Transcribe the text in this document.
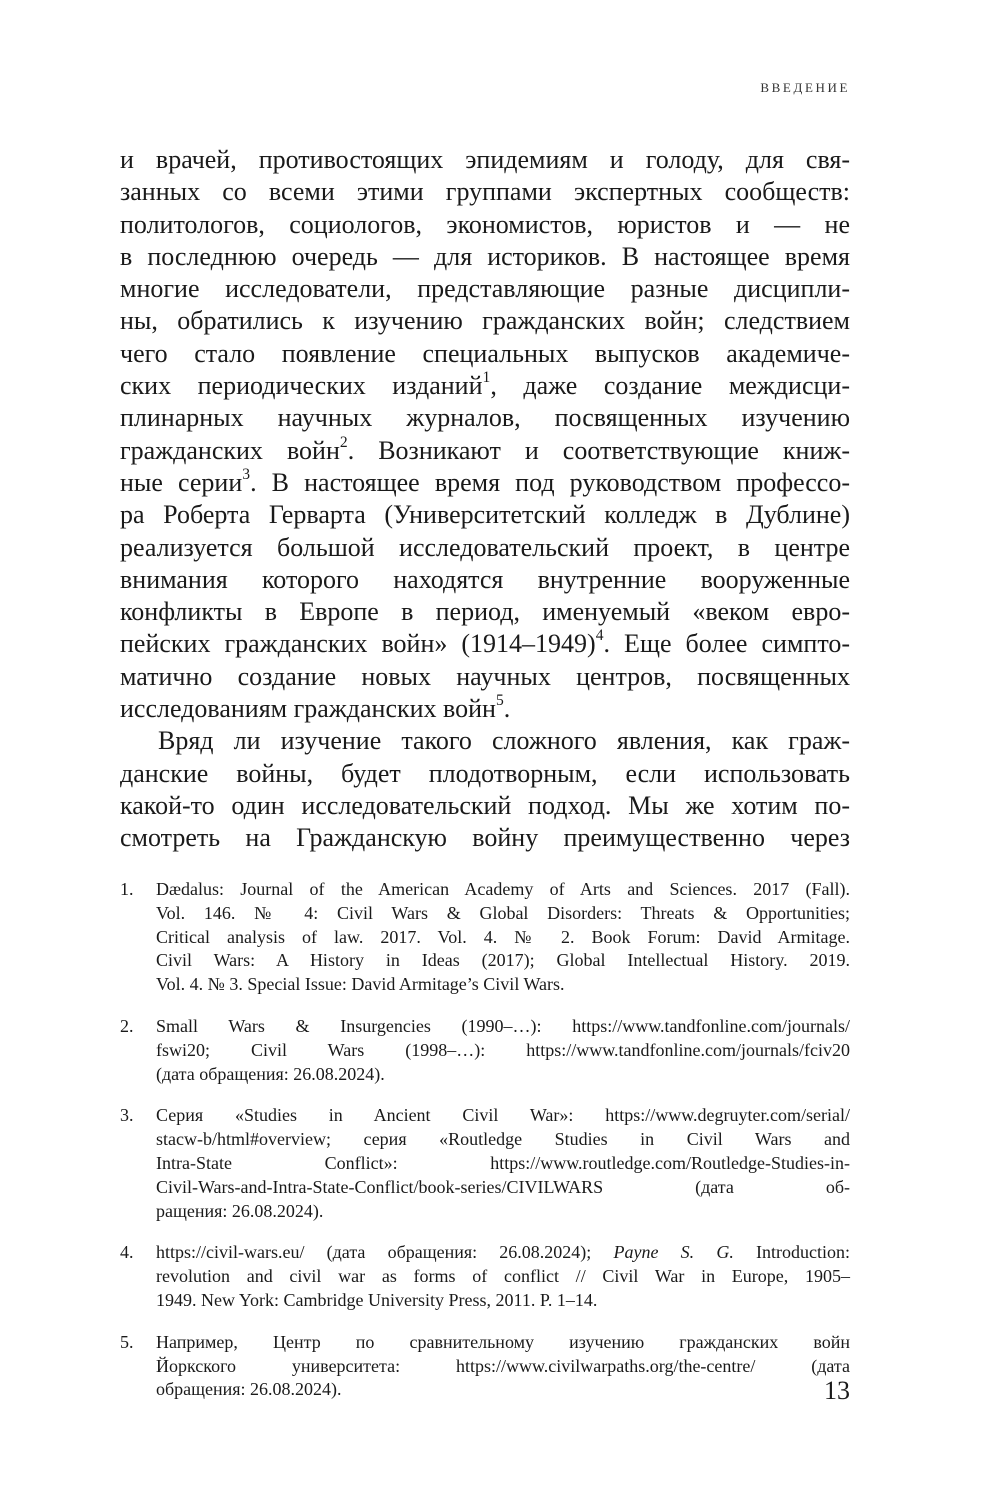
ВВЕДЕНИЕ
и врачей, противостоящих эпидемиям и голоду, для свя-
занных со всеми этими группами экспертных сообществ:
политологов, социологов, экономистов, юристов и — не
в последнюю очередь — для историков. В настоящее время
многие исследователи, представляющие разные дисципли-
ны, обратились к изучению гражданских войн; следствием
чего стало появление специальных выпусков академиче-
ских периодических изданий$^1$, даже создание междисци-
плинарных научных журналов, посвященных изучению
гражданских войн$^2$. Возникают и соответствующие книж-
ные серии$^3$. В настоящее время под руководством профессо-
ра Роберта Герварта (Университетский колледж в Дублине)
реализуется большой исследовательский проект, в центре
внимания которого находятся внутренние вооруженные
конфликты в Европе в период, именуемый «веком евро-
пейских гражданских войн» (1914–1949)$^4$. Еще более симпто-
матично создание новых научных центров, посвященных
исследованиям гражданских войн$^5$.
Вряд ли изучение такого сложного явления, как граж-
данские войны, будет плодотворным, если использовать
какой-то один исследовательский подход. Мы же хотим по-
смотреть на Гражданскую войну преимущественно через
1.	Dædalus: Journal of the American Academy of Arts and Sciences. 2017 (Fall).
Vol. 146. № 4: Civil Wars & Global Disorders: Threats & Opportunities;
Critical analysis of law. 2017. Vol. 4. № 2. Book Forum: David Armitage.
Civil Wars: A History in Ideas (2017); Global Intellectual History. 2019.
Vol. 4. № 3. Special Issue: David Armitage’s Civil Wars.
2.	Small Wars & Insurgencies (1990–…): https://www.tandfonline.com/journals/
fswi20; Civil Wars (1998–…): https://www.tandfonline.com/journals/fciv20
(дата обращения: 26.08.2024).
3.	Серия «Studies in Ancient Civil War»: https://www.degruyter.com/serial/
stacw-b/html#overview; серия «Routledge Studies in Civil Wars and
Intra-State Conflict»: https://www.routledge.com/Routledge-Studies-in-
Civil-Wars-and-Intra-State-Conflict/book-series/CIVILWARS (дата об-
ращения: 26.08.2024).
4.	https://civil-wars.eu/ (дата обращения: 26.08.2024); Payne S. G. Introduction:
revolution and civil war as forms of conflict // Civil War in Europe, 1905–
1949. New York: Cambridge University Press, 2011. P. 1–14.
5.	Например, Центр по сравнительному изучению гражданских войн
Йоркского университета: https://www.civilwarpaths.org/the-centre/ (дата
обращения: 26.08.2024).	13
